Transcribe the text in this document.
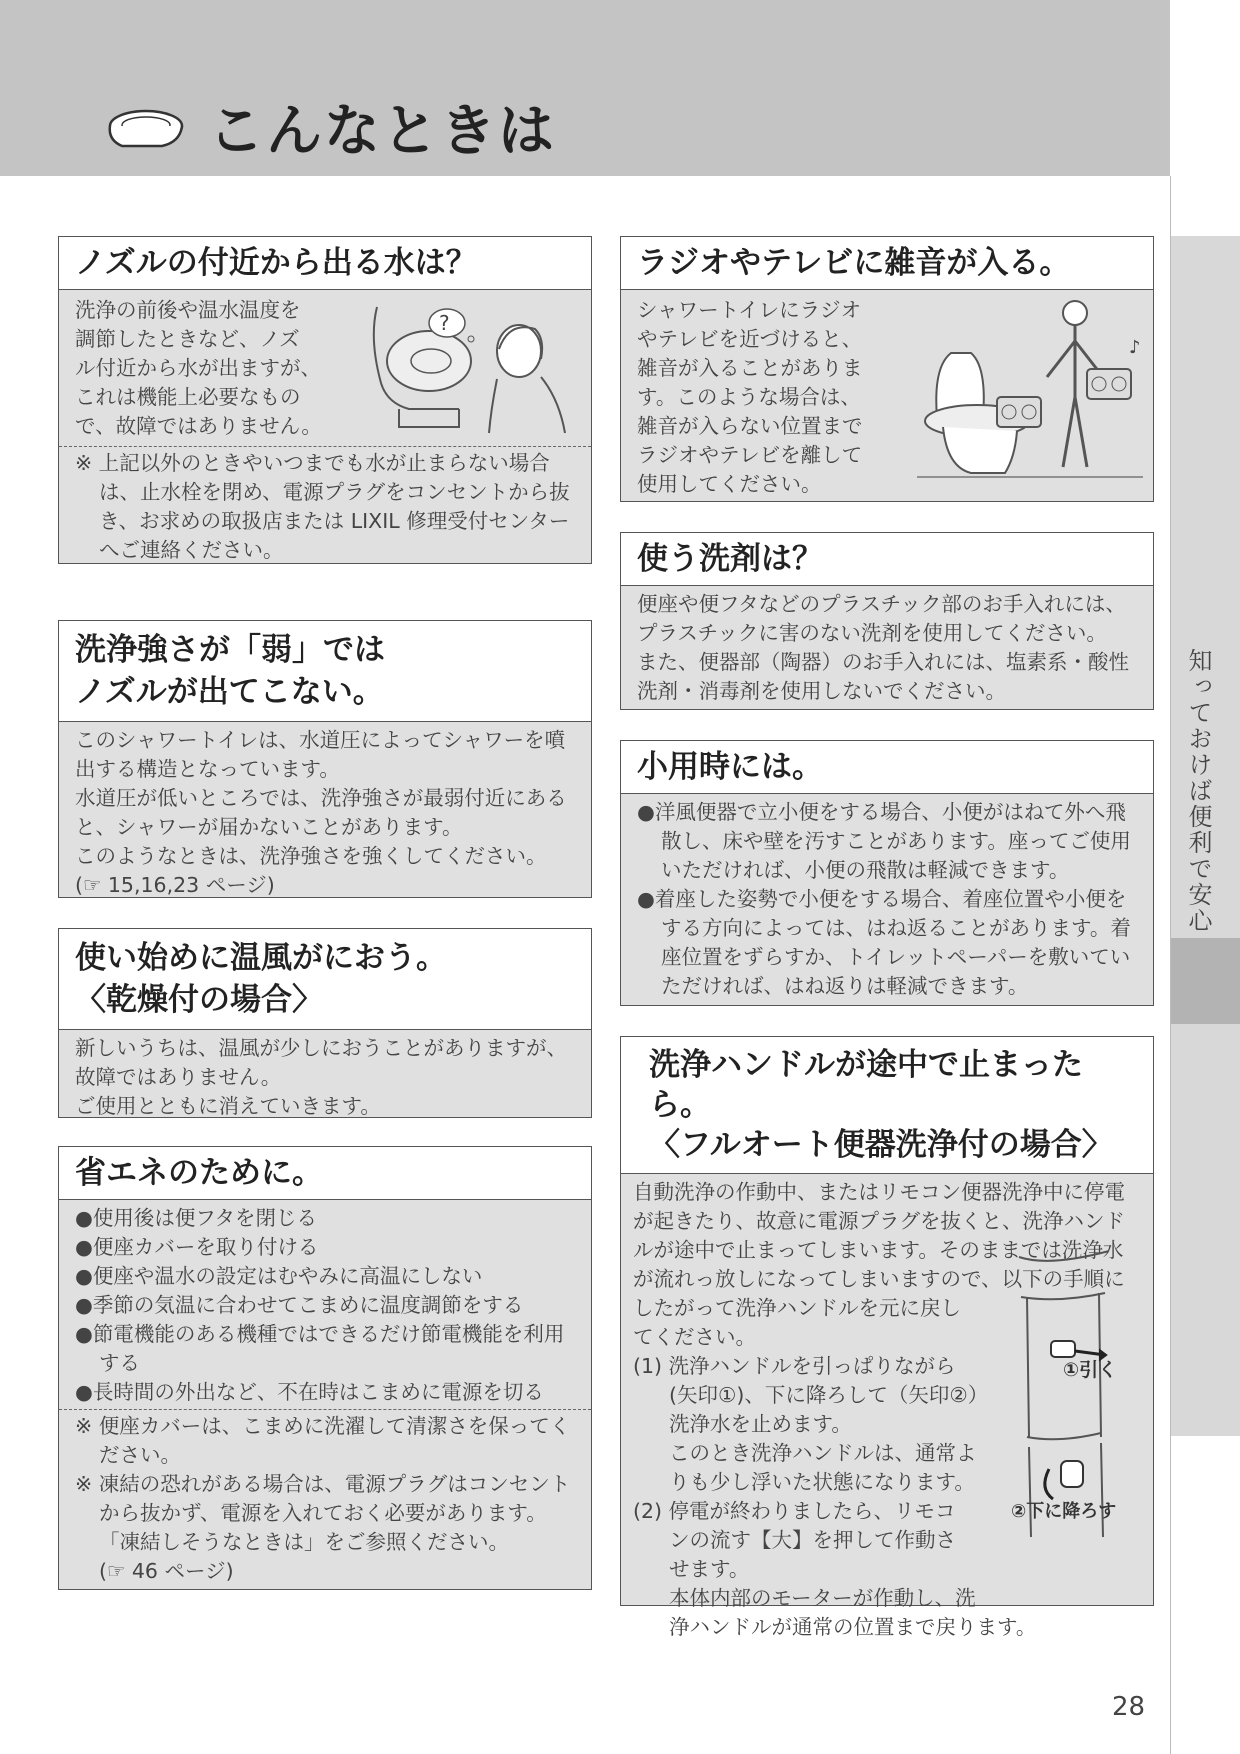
こんなときは
知っておけば便利で安心
ノズルの付近から出る水は？

洗浄の前後や温水温度を

調節したときなど、ノズ

ル付近から水が出ますが、

これは機能上必要なもの

で、故障ではありません。

※ 上記以外のときやいつまでも水が止まらない場合は、止水栓を閉め、電源プラグをコンセントから抜き、お求めの取扱店または LIXIL 修理受付センターへご連絡ください。

?
洗浄強さが「弱」では
ノズルが出てこない。

このシャワートイレは、水道圧によってシャワーを噴出する構造となっています。

水道圧が低いところでは、洗浄強さが最弱付近にあると、シャワーが届かないことがあります。

このようなときは、洗浄強さを強くしてください。

(☞ 15,16,23 ページ)

使い始めに温風がにおう。
〈乾燥付の場合〉

新しいうちは、温風が少しにおうことがありますが、故障ではありません。

ご使用とともに消えていきます。

省エネのために。

●使用後は便フタを閉じる

●便座カバーを取り付ける

●便座や温水の設定はむやみに高温にしない

●季節の気温に合わせてこまめに温度調節をする

●節電機能のある機種ではできるだけ節電機能を利用する

●長時間の外出など、不在時はこまめに電源を切る

※ 便座カバーは、こまめに洗濯して清潔さを保ってください。

※ 凍結の恐れがある場合は、電源プラグはコンセントから抜かず、電源を入れておく必要があります。「凍結しそうなときは」をご参照ください。

(☞ 46 ページ)

ラジオやテレビに雑音が入る。

シャワートイレにラジオ

やテレビを近づけると、

雑音が入ることがありま

す。このような場合は、

雑音が入らない位置まで

ラジオやテレビを離して

使用してください。

♪
使う洗剤は？

便座や便フタなどのプラスチック部のお手入れには、プラスチックに害のない洗剤を使用してください。

また、便器部（陶器）のお手入れには、塩素系・酸性洗剤・消毒剤を使用しないでください。

小用時には。

●洋風便器で立小便をする場合、小便がはねて外へ飛散し、床や壁を汚すことがあります。座ってご使用いただければ、小便の飛散は軽減できます。

●着座した姿勢で小便をする場合、着座位置や小便をする方向によっては、はね返ることがあります。着座位置をずらすか、トイレットペーパーを敷いていただければ、はね返りは軽減できます。

洗浄ハンドルが途中で止まったら。
〈フルオート便器洗浄付の場合〉

自動洗浄の作動中、またはリモコン便器洗浄中に停電

が起きたり、故意に電源プラグを抜くと、洗浄ハンド

ルが途中で止まってしまいます。そのままでは洗浄水

が流れっ放しになってしまいますので、以下の手順に

したがって洗浄ハンドルを元に戻し

てください。

(1) 洗浄ハンドルを引っぱりながら

(矢印①)、下に降ろして（矢印②）

洗浄水を止めます。

このとき洗浄ハンドルは、通常よ

りも少し浮いた状態になります。

(2) 停電が終わりましたら、リモコ

ンの流す【大】を押して作動さ

せます。

本体内部のモーターが作動し、洗

浄ハンドルが通常の位置まで戻ります。

①引く
②下に降ろす
28
